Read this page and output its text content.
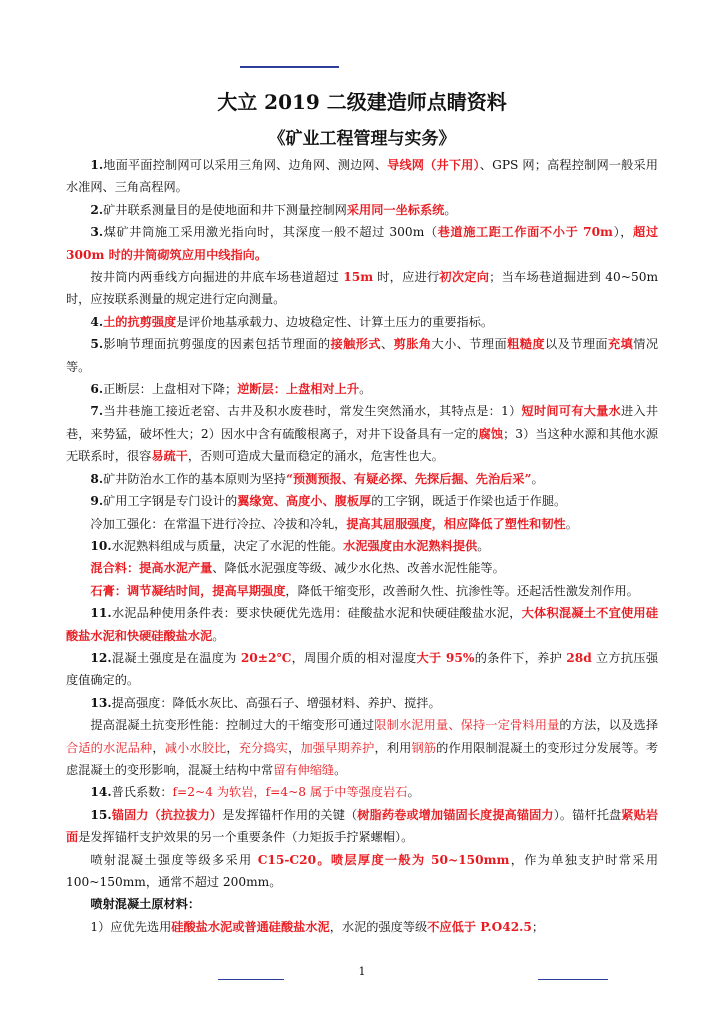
大立 2019 二级建造师点睛资料
《矿业工程管理与实务》

1.地面平面控制网可以采用三角网、边角网、测边网、导线网（井下用）、GPS 网；高程控制网一般采用水准网、三角高程网。

2.矿井联系测量目的是使地面和井下测量控制网采用同一坐标系统。

3.煤矿井筒施工采用激光指向时，其深度一般不超过 300m（巷道施工距工作面不小于 70m），超过 300m 时的井筒砌筑应用中线指向。

按井筒内两垂线方向掘进的井底车场巷道超过 15m 时，应进行初次定向；当车场巷道掘进到 40~50m 时，应按联系测量的规定进行定向测量。

4.土的抗剪强度是评价地基承载力、边坡稳定性、计算土压力的重要指标。

5.影响节理面抗剪强度的因素包括节理面的接触形式、剪胀角大小、节理面粗糙度以及节理面充填情况等。

6.正断层：上盘相对下降；逆断层：上盘相对上升。

7.当井巷施工接近老窑、古井及积水废巷时，常发生突然涌水，其特点是：1）短时间可有大量水进入井巷，来势猛，破坏性大；2）因水中含有硫酸根离子，对井下设备具有一定的腐蚀；3）当这种水源和其他水源无联系时，很容易疏干，否则可造成大量而稳定的涌水，危害性也大。

8.矿井防治水工作的基本原则为坚持“预测预报、有疑必探、先探后掘、先治后采”。

9.矿用工字钢是专门设计的翼缘宽、高度小、腹板厚的工字钢，既适于作梁也适于作腿。

冷加工强化：在常温下进行冷拉、冷拔和冷轧，提高其屈服强度，相应降低了塑性和韧性。

10.水泥熟料组成与质量，决定了水泥的性能。水泥强度由水泥熟料提供。

混合料：提高水泥产量、降低水泥强度等级、减少水化热、改善水泥性能等。

石膏：调节凝结时间，提高早期强度，降低干缩变形，改善耐久性、抗渗性等。还起活性激发剂作用。

11.水泥品种使用条件表：要求快硬优先选用：硅酸盐水泥和快硬硅酸盐水泥，大体积混凝土不宜使用硅酸盐水泥和快硬硅酸盐水泥。

12.混凝土强度是在温度为 20±2℃，周围介质的相对湿度大于 95%的条件下，养护 28d 立方抗压强度值确定的。

13.提高强度：降低水灰比、高强石子、增强材料、养护、搅拌。

提高混凝土抗变形性能：控制过大的干缩变形可通过限制水泥用量、保持一定骨料用量的方法，以及选择合适的水泥品种，减小水胶比，充分捣实，加强早期养护，利用钢筋的作用限制混凝土的变形过分发展等。考虑混凝土的变形影响，混凝土结构中常留有伸缩缝。

14.普氏系数：f=2~4 为软岩，f=4~8 属于中等强度岩石。

15.锚固力（抗拉拔力）是发挥锚杆作用的关键（树脂药卷或增加锚固长度提高锚固力）。锚杆托盘紧贴岩面是发挥锚杆支护效果的另一个重要条件（力矩扳手拧紧螺帽）。

喷射混凝土强度等级多采用 C15-C20。喷层厚度一般为 50~150mm，作为单独支护时常采用 100~150mm，通常不超过 200mm。

喷射混凝土原材料：

1）应优先选用硅酸盐水泥或普通硅酸盐水泥，水泥的强度等级不应低于 P.O42.5；

1
